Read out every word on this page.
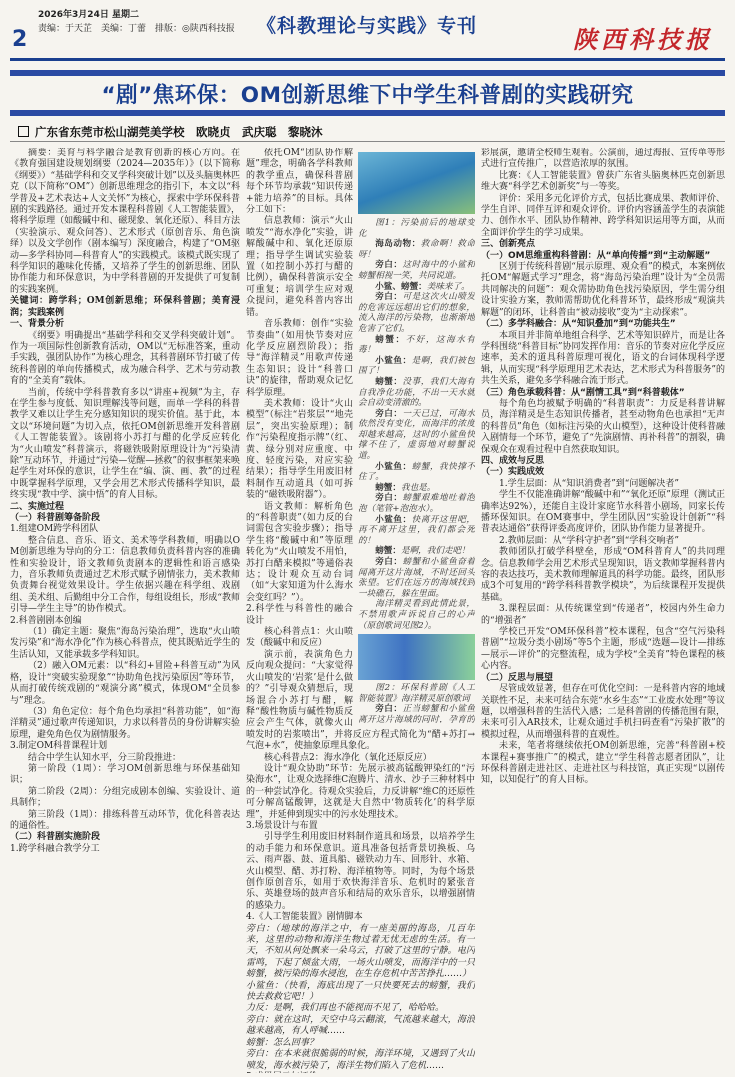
2
2026年3月24日 星期二
责编：于天芷　美编：丁蕾　排版：◎陕西科技报 《科教理论与实践》专刊	陕西科技报
“剧”焦环保：OM创新思维下中学生科普剧的实践研究
广东省东莞市松山湖莞美学校　欧晓贞　武庆聪　黎晓沐

摘要：美育与科学融合是教育创新的核心方向。在《教育强国建设规划纲要（2024—2035年）》（以下简称《纲要》）“基础学科和交叉学科突破计划”以及头脑奥林匹克（以下简称“OM”）创新思维理念的指引下，本文以“科学普及+艺术表达+人文关怀”为核心，探索中学环保科普剧的实践路径。通过开发本课程科普剧《人工智能装置》，将科学原理（如酸碱中和、磁现象、氧化还原）、科目方法（实验演示、观众问答）、艺术形式（原创音乐、角色演绎）以及文学创作（剧本编写）深度融合，构建了“OM驱动—多学科协同—科普育人”的实践模式。该模式既实现了科学知识的趣味化传播，又培养了学生的创新思维、团队协作能力和环保意识，为中学科普剧的开发提供了可复制的实践案例。

关键词：跨学科；OM创新思维；环保科普剧；美育浸润；实践案例

一、背景分析

《纲要》明确提出“基础学科和交叉学科突破计划”。作为一项国际性创新教育活动，OM以“无标准答案，重动手实践，强团队协作”为核心理念，其科普剧环节打破了传统科普剧的单向传播模式，成为融合科学、艺术与劳动教育的“全美育”载体。

当前，传统中学科普教育多以“讲座+视频”为主，存在学生参与度低、知识理解浅等问题，而单一学科的科普教学又难以让学生充分感知知识的现实价值。基于此，本文以“环境问题”为切入点，依托OM创新思维开发科普剧《人工智能装置》。该剧将小苏打与醋的化学反应转化为“火山喷发”科普演示，将磁铁吸附原理设计为“污染清除”互动环节，并通过“污染—觉醒—拯救”的叙事框架来唤起学生对环保的意识，让学生在“编、演、画、教”的过程中既掌握科学原理，又学会用艺术形式传播科学知识，最终实现“教中学、演中悟”的育人目标。

二、实施过程

（一）科普剧筹备阶段

1.组建OM跨学科团队

整合信息、音乐、语文、美术等学科教师，明确以OM创新思维为导向的分工：信息教师负责科普内容的准确性和实验设计，语文教师负责剧本的逻辑性和语言感染力，音乐教师负责通过艺术形式赋予剧情张力，美术教师负责舞台视觉效果设计。学生依据兴趣在科学组、戏剧组、美术组、后勤组中分工合作，每组设组长，形成“教师引导—学生主导”的协作模式。

2.科普剧剧本创编

（1）确定主题：聚焦“海岛污染治理”，选取“火山喷发污染”和“海水净化”作为核心科普点，使其既贴近学生的生活认知，又能承载多学科知识。

（2）融入OM元素：以“科幻+冒险+科普互动”为风格，设计“突破实验现象”“协助角色找污染原因”等环节，从而打破传统戏剧的“观演分离”模式，体现OM“全员参与”理念。

（3）角色定位：每个角色均承担“科普功能”，如“海洋精灵”通过歌声传递知识，力求以科普员的身份讲解实验原理，避免角色仅为剧情服务。

3.制定OM科普课程计划

结合中学生认知水平，分三阶段推进：

第一阶段（1周）：学习OM创新思维与环保基础知识；

第二阶段（2周）：分组完成剧本创编、实验设计、道具制作；

第三阶段（1周）：排练科普互动环节，优化科普表达的通俗性。

（二）科普剧实施阶段

1.跨学科融合教学分工

图1：污染前后的地球变化

海岛动物：救命啊！救命呀！

旁白：这时海中的小鲨和螃蟹相视一笑，共同说道。

小鲨、螃蟹：美味来了。

旁白：可是这次火山喷发的危害远远超出它们的想象，流入海洋的污染物，也渐渐地危害了它们。

螃蟹：不好，这海水有毒！

小鲨鱼：是啊，我们被包围了！

螃蟹：没事，我们大海有自我净化功能，不出一天水就会自动变清澈的。

旁白：一天已过，可海水依然没有变化，而海洋的浓度却越来越高，这时的小鲨鱼快撑不住了，虚弱地对螃蟹说道。

小鲨鱼：螃蟹，我快撑不住了。

螃蟹：我也是。

旁白：螃蟹艰难地吐着泡泡（笔管+泡泡水）。

小鲨鱼：快离开这里吧，再不离开这里，我们都会死的！

螃蟹：是啊，我们走吧！

旁白：螃蟹和小鲨鱼奋着闻离开这片海域，不时还回头张望。它们在远方的海域找到一块礁石，躲在里面。

海洋精灵看到此情此景，不禁用歌声诉说自己的心声（原创歌词见图2）。

图2：环保科普剧《人工智能装置》海洋精灵原创歌词

旁白：正当螃蟹和小鲨鱼离开这片海域的同时，孕育的

依托OM“团队协作解题”理念，明确各学科教师的教学重点，确保科普剧每个环节均承载“知识传递+能力培养”的目标。具体分工如下：

信息教师：演示“火山喷发”“海水净化”实验，讲解酸碱中和、氧化还原原理；指导学生调试实验装置（如控制小苏打与醋的比例），确保科普演示安全可重复；培训学生应对观众提问，避免科普内容出错。

音乐教师：创作“实验节奏曲”（如用快节奏对应化学反应剧烈阶段）；指导“海洋精灵”用歌声传递生态知识；设计“科普口诀”的旋律，帮助观众记忆科学原理。

美术教师：设计“火山模型”（标注“岩浆层”“地壳层”，突出实验原理）；制作“污染程度指示牌”（红、黄、绿分别对应重度、中度、轻度污染，对应实验结果）；指导学生用废旧材料制作互动道具（如可拆装的“磁铁吸附器”）。

语文教师：解析角色的“科普职责”（如力反的台词需包含实验步骤）；指导学生将“酸碱中和”等原理转化为“火山喷发不用怕，苏打白醋来模拟”等通俗表达；设计观众互动台词（如“大家知道为什么海水会变红吗？”）。

2.科学性与科普性的融合设计

核心科普点1：火山喷发（酸碱中和反应）

演示前，表演角色力反向观众提问：“大家觉得火山喷发的‘岩浆’是什么做的？”引导观众猜想后，现场混合小苏打与醋，解释“酸性物质与碱性物质反应会产生气体，就像火山喷发时的岩浆喷出”，并将反应方程式简化为“醋+苏打→气泡+水”，使抽象原理具象化。

核心科普点2：海水净化（氧化还原反应）

设计“观众协助”环节：先展示被高锰酸钾染红的“污染海水”，让观众选择维C泡腾片、清水、沙子三种材料中的一种尝试净化。待观众实验后，力反讲解“维C的还原性可分解高锰酸钾，这就是大自然中‘物质转化’的科学原理”，并延伸到现实中的污水处理技术。

3.场景设计与布置

引导学生利用废旧材料制作道具和场景，以培养学生的动手能力和环保意识。道具准备包括背景切换板、乌云、雨声器、鼓、道具船、磁铁动力车、回形针、水箱、火山模型、醋、苏打粉、海洋植物等。同时，为每个场景创作原创音乐，如用于欢快海洋音乐、危机时的紧张音乐、英雄登场的鼓声音乐和结局的欢乐音乐，以增强剧情的感染力。

4.《人工智能装置》剧情脚本

旁白：（地球的海洋之中，有一座美丽的海岛，几百年来，这里的动物和海洋生物过着无忧无虑的生活。有一天，不知从何处飘来一朵乌云，打破了这里的宁静。电闪雷鸣，下起了倾盆大雨，一场火山喷发，而海洋中的一只螃蟹，被污染的海水浸泡，在生存危机中苦苦挣扎……）

小鲨鱼：（快看，海底出现了一只快要死去的螃蟹，我们快去救救它吧！）

力反：是啊，我们再也不能视而不见了，哈哈哈。

旁白：就在这时，天空中乌云翻滚，气流越来越大，海浪越来越高，有人呼喊……

螃蟹：怎么回事？

旁白：在本来就很脆弱的时候，海洋环境，又遇到了火山喷发，海水被污染了，海洋生物们陷入了危机……

彩展演，邀请全校师生观看。公演前，通过海报、宣传单等形式进行宣传推广，以营造浓厚的氛围。

比赛：《人工智能装置》曾获广东省头脑奥林匹克创新思维大赛“科学艺术创新奖”与一等奖。

评价：采用多元化评价方式，包括比赛成果、教师评价、学生自评、同伴互评和观众评价。评价内容涵盖学生的表演能力、创作水平、团队协作精神、跨学科知识运用等方面，从而全面评价学生的学习成果。

三、创新亮点

（一）OM思维重构科普剧：从“单向传播”到“主动解题”

区别于传统科普剧“展示原理、观众看”的模式，本案例依托OM“解题式学习”理念，将“海岛污染治理”设计为“全员需共同解决的问题”：观众需协助角色找污染原因，学生需分组设计实验方案，教师需帮助优化科普环节，最终形成“观演共解题”的闭环，让科普由“被动接收”变为“主动探索”。

（二）多学科融合：从“知识叠加”到“功能共生”

本项目并非简单地组合科学、艺术等知识碎片，而是让各学科围绕“科普目标”协同发挥作用：音乐的节奏对应化学反应速率，美术的道具科普原理可视化，语文的台词体现科学逻辑，从而实现“科学原理用艺术表达，艺术形式为科普服务”的共生关系，避免多学科融合流于形式。

（三）角色承载科普：从“剧情工具”到“科普载体”

每个角色均被赋予明确的“科普职责”：力反是科普讲解员，海洋精灵是生态知识传播者，甚至动物角色也承担“无声的科普员”角色（如标注污染的火山模型），这种设计使科普融入剧情每一个环节，避免了“先演剧情、再补科普”的割裂，确保观众在观看过程中自然获取知识。

四、成效与反思

（一）实践成效

1.学生层面：从“知识消费者”到“问题解决者”

学生不仅能准确讲解“酸碱中和”“氧化还原”原理（测试正确率达92%），还能自主设计家庭节水科普小剧场，同家长传播环保知识。在OM赛事中，学生团队因“实验设计创新”“科普表达通俗”获得评委高度评价，团队协作能力显著提升。

2.教师层面：从“学科守护者”到“学科交响者”

教师团队打破学科壁垒，形成“OM科普育人”的共同理念。信息教师学会用艺术形式呈现知识，语文教师掌握科普内容的表达技巧，美术教师理解道具的科学功能。最终，团队形成3个可复用的“跨学科科普教学模块”，为后续课程开发提供基础。

3.课程层面：从传统课堂到“传递者”，校园内外生命力的“增强者”

学校已开发“OM环保科普”校本课程，包含“空气污染科普剧”“垃圾分类小剧场”等5个主题，形成“选题—设计—排练—展示—评价”的完整流程，成为学校“全美育”特色课程的核心内容。

（二）反思与展望

尽管成效显著，但存在可优化空间：一是科普内容的地域关联性不足，未来可结合东莞“水乡生态”“工业废水处理”等议题，以增强科普的生活代入感；二是科普剧的传播范围有限，未来可引入AR技术，让观众通过手机扫码查看“污染扩散”的模拟过程，从而增强科普的直观性。

未来，笔者将继续依托OM创新思维，完善“科普剧+校本课程+赛事推广”的模式，建立“学生科普志愿者团队”，让环保科普剧走进社区、走进社区与科技馆，真正实现“以剧传知，以知促行”的育人目标。
